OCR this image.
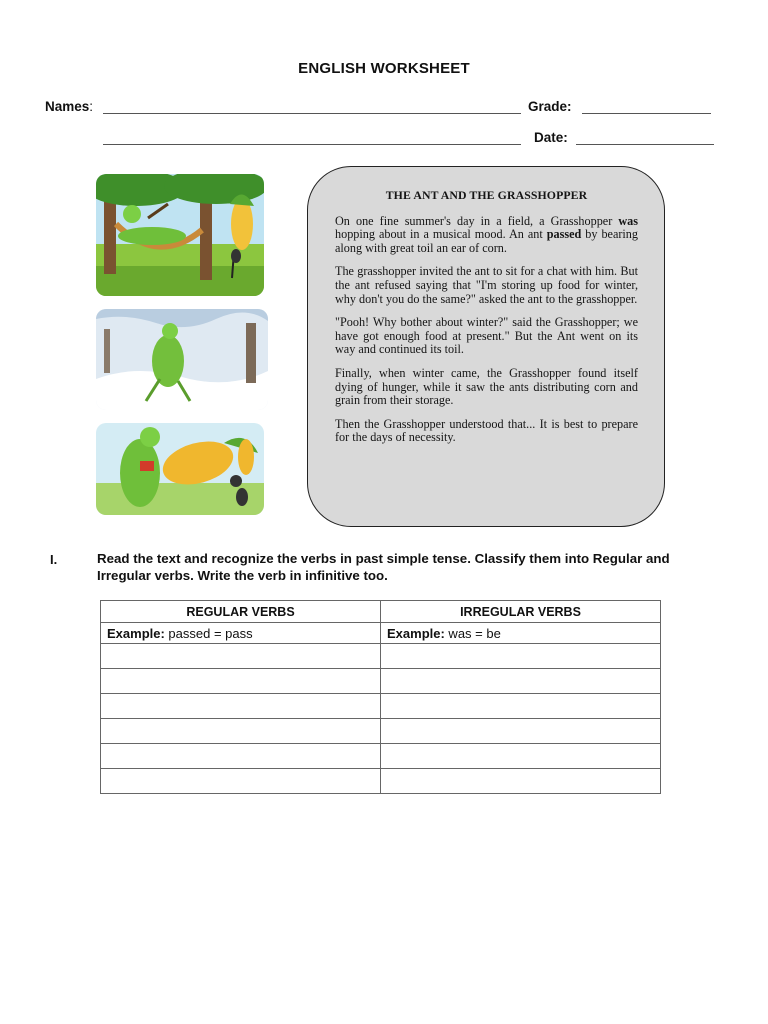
ENGLISH WORKSHEET
Names:	Grade:
Date:
THE ANT AND THE GRASSHOPPER

On one fine summer's day in a field, a Grasshopper was hopping about in a musical mood. An ant passed by bearing along with great toil an ear of corn.

The grasshopper invited the ant to sit for a chat with him. But the ant refused saying that "I'm storing up food for winter, why don't you do the same?" asked the ant to the grasshopper.

"Pooh! Why bother about winter?" said the Grasshopper; we have got enough food at present." But the Ant went on its way and continued its toil.

Finally, when winter came, the Grasshopper found itself dying of hunger, while it saw the ants distributing corn and grain from their storage.

Then the Grasshopper understood that... It is best to prepare for the days of necessity.

I.	Read the text and recognize the verbs in past simple tense. Classify them into Regular and Irregular verbs. Write the verb in infinitive too.
REGULAR VERBS	IRREGULAR VERBS
Example: passed = pass	Example: was = be
